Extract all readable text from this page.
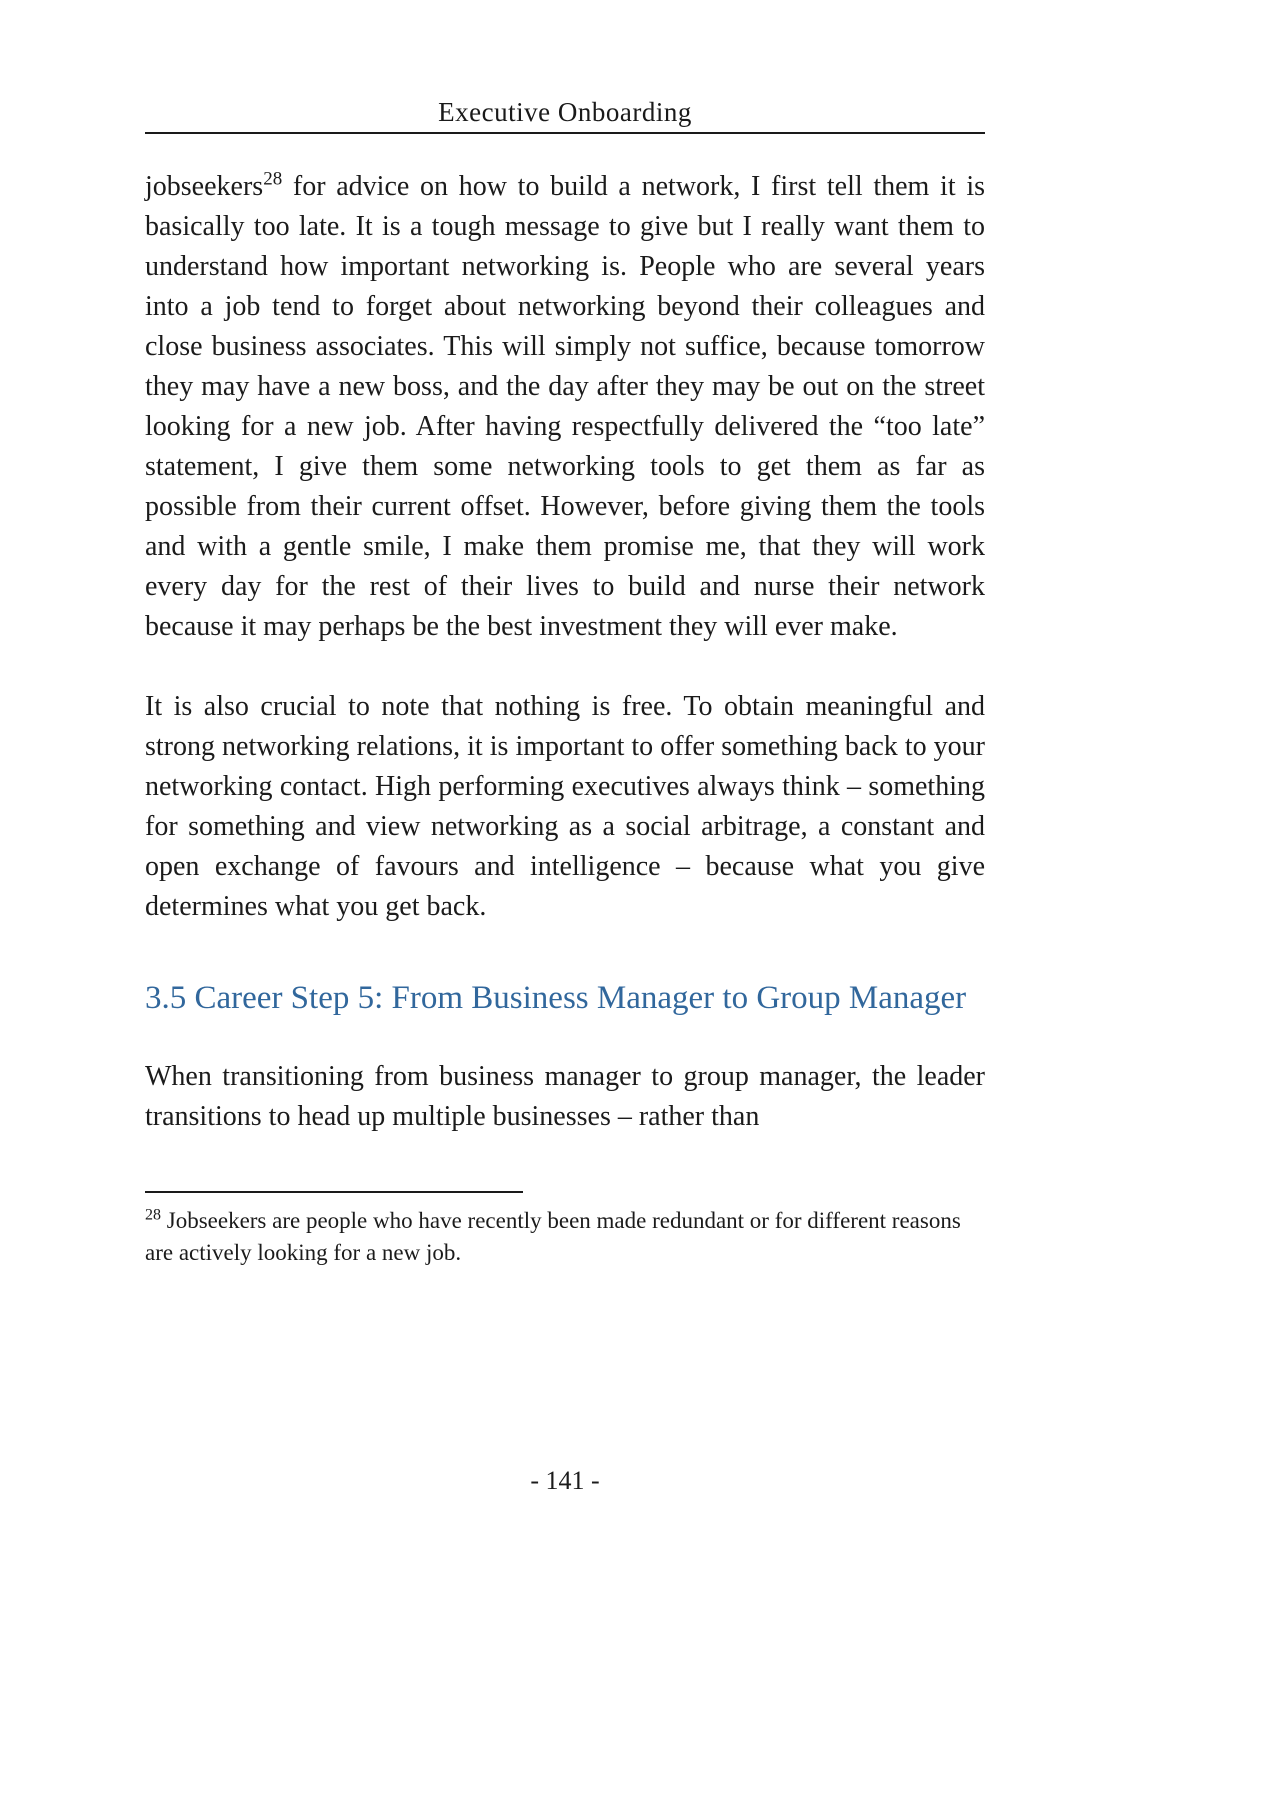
Executive Onboarding

jobseekers$^{28}$ for advice on how to build a network, I first tell them it is basically too late. It is a tough message to give but I really want them to understand how important networking is. People who are several years into a job tend to forget about networking beyond their colleagues and close business associates. This will simply not suffice, because tomorrow they may have a new boss, and the day after they may be out on the street looking for a new job. After having respectfully delivered the “too late” statement, I give them some networking tools to get them as far as possible from their current offset. However, before giving them the tools and with a gentle smile, I make them promise me, that they will work every day for the rest of their lives to build and nurse their network because it may perhaps be the best investment they will ever make.

It is also crucial to note that nothing is free. To obtain meaningful and strong networking relations, it is important to offer something back to your networking contact. High performing executives always think – something for something and view networking as a social arbitrage, a constant and open exchange of favours and intelligence – because what you give determines what you get back.

3.5 Career Step 5: From Business Manager to Group Manager

When transitioning from business manager to group manager, the leader transitions to head up multiple businesses – rather than

$^{28}$ Jobseekers are people who have recently been made redundant or for different reasons are actively looking for a new job.

- 141 -
